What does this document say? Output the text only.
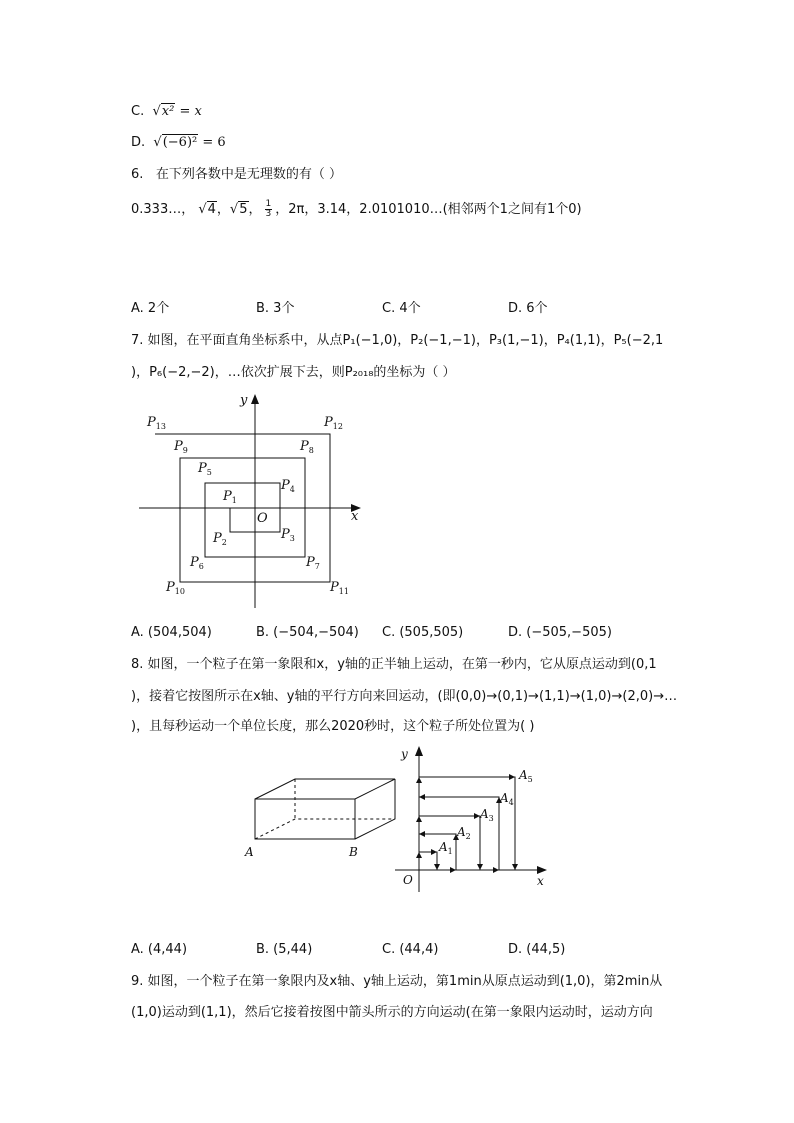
C.  √x² = x
D.  √(−6)² = 6
6. 在下列各数中是无理数的有（ ）
0.333…， √4，√5， $\frac{1}{3}$ ，2π，3.14，2.0101010…(相邻两个1之间有1个0)
A. 2个	B. 3个	C. 4个	D. 6个
7. 如图，在平面直角坐标系中，从点P₁(−1,0)，P₂(−1,−1)，P₃(1,−1)，P₄(1,1)，P₅(−2,1
)，P₆(−2,−2)，…依次扩展下去，则P₂₀₁₈的坐标为（ ）
x
y
O
$P_1$
$P_2$
$P_3$
$P_4$
$P_5$
$P_6$	$P_7$
$P_8$
$P_9$
$P_{10}$	$P_{11}$
$P_{12}$
$P_{13}$
A. (504,504)	B. (−504,−504) C. (505,505)	D. (−505,−505)
8. 如图，一个粒子在第一象限和x，y轴的正半轴上运动，在第一秒内，它从原点运动到(0,1
)，接着它按图所示在x轴、y轴的平行方向来回运动，(即(0,0)→(0,1)→(1,1)→(1,0)→(2,0)→…
)，且每秒运动一个单位长度，那么2020秒时，这个粒子所处位置为( )
A	B
x
y
O
$A_1$
$A_2$
$A_3$
$A_4$
$A_5$
A. (4,44)	B. (5,44)	C. (44,4)	D. (44,5)
9. 如图，一个粒子在第一象限内及x轴、y轴上运动，第1min从原点运动到(1,0)，第2min从
(1,0)运动到(1,1)，然后它接着按图中箭头所示的方向运动(在第一象限内运动时，运动方向
